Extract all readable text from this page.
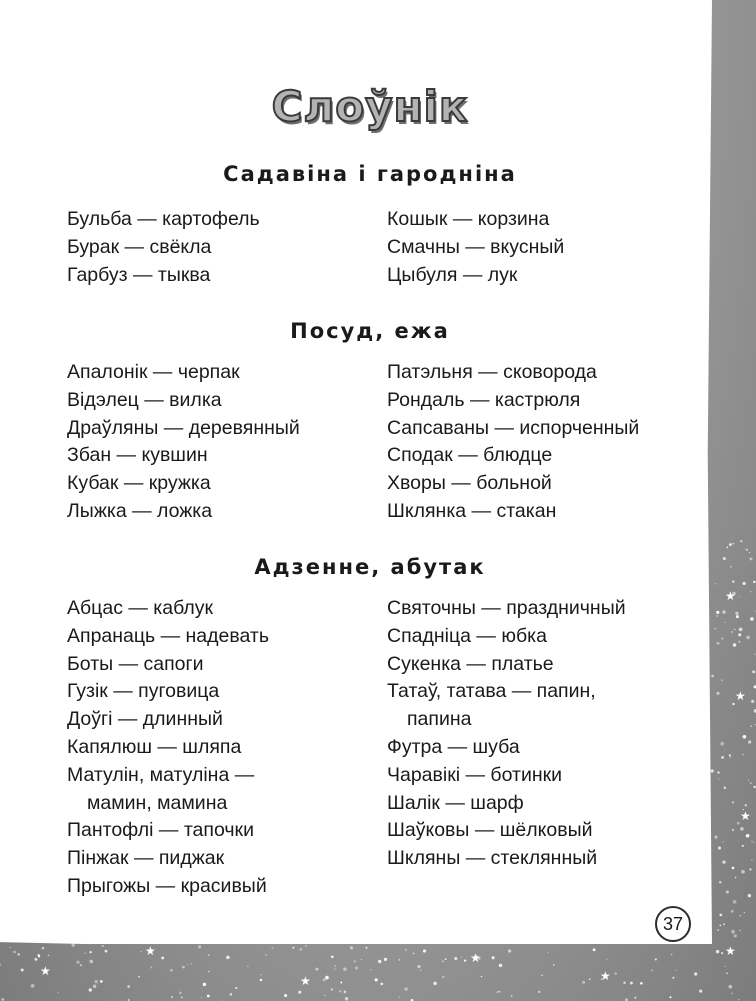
★
★
★
★
★
★
★
★
★
Слоўнік
Садавіна і гародніна
Бульба — картофель
Бурак — свёкла
Гарбуз — тыква
Кошык — корзина
Смачны — вкусный
Цыбуля — лук
Посуд, ежа
Апалонік — черпак
Відэлец — вилка
Драўляны — деревянный
Збан — кувшин
Кубак — кружка
Лыжка — ложка
Патэльня — сковорода
Рондаль — кастрюля
Сапсаваны — испорченный
Сподак — блюдце
Хворы — больной
Шклянка — стакан
Адзенне, абутак
Абцас — каблук
Апранаць — надевать
Боты — сапоги
Гузік — пуговица
Доўгі — длинный
Капялюш — шляпа
Матулін, матуліна —
мамин, мамина
Пантофлі — тапочки
Пінжак — пиджак
Прыгожы — красивый
Святочны — праздничный
Спадніца — юбка
Сукенка — платье
Татаў, татава — папин,
папина
Футра — шуба
Чаравікі — ботинки
Шалік — шарф
Шаўковы — шёлковый
Шкляны — стеклянный
37
